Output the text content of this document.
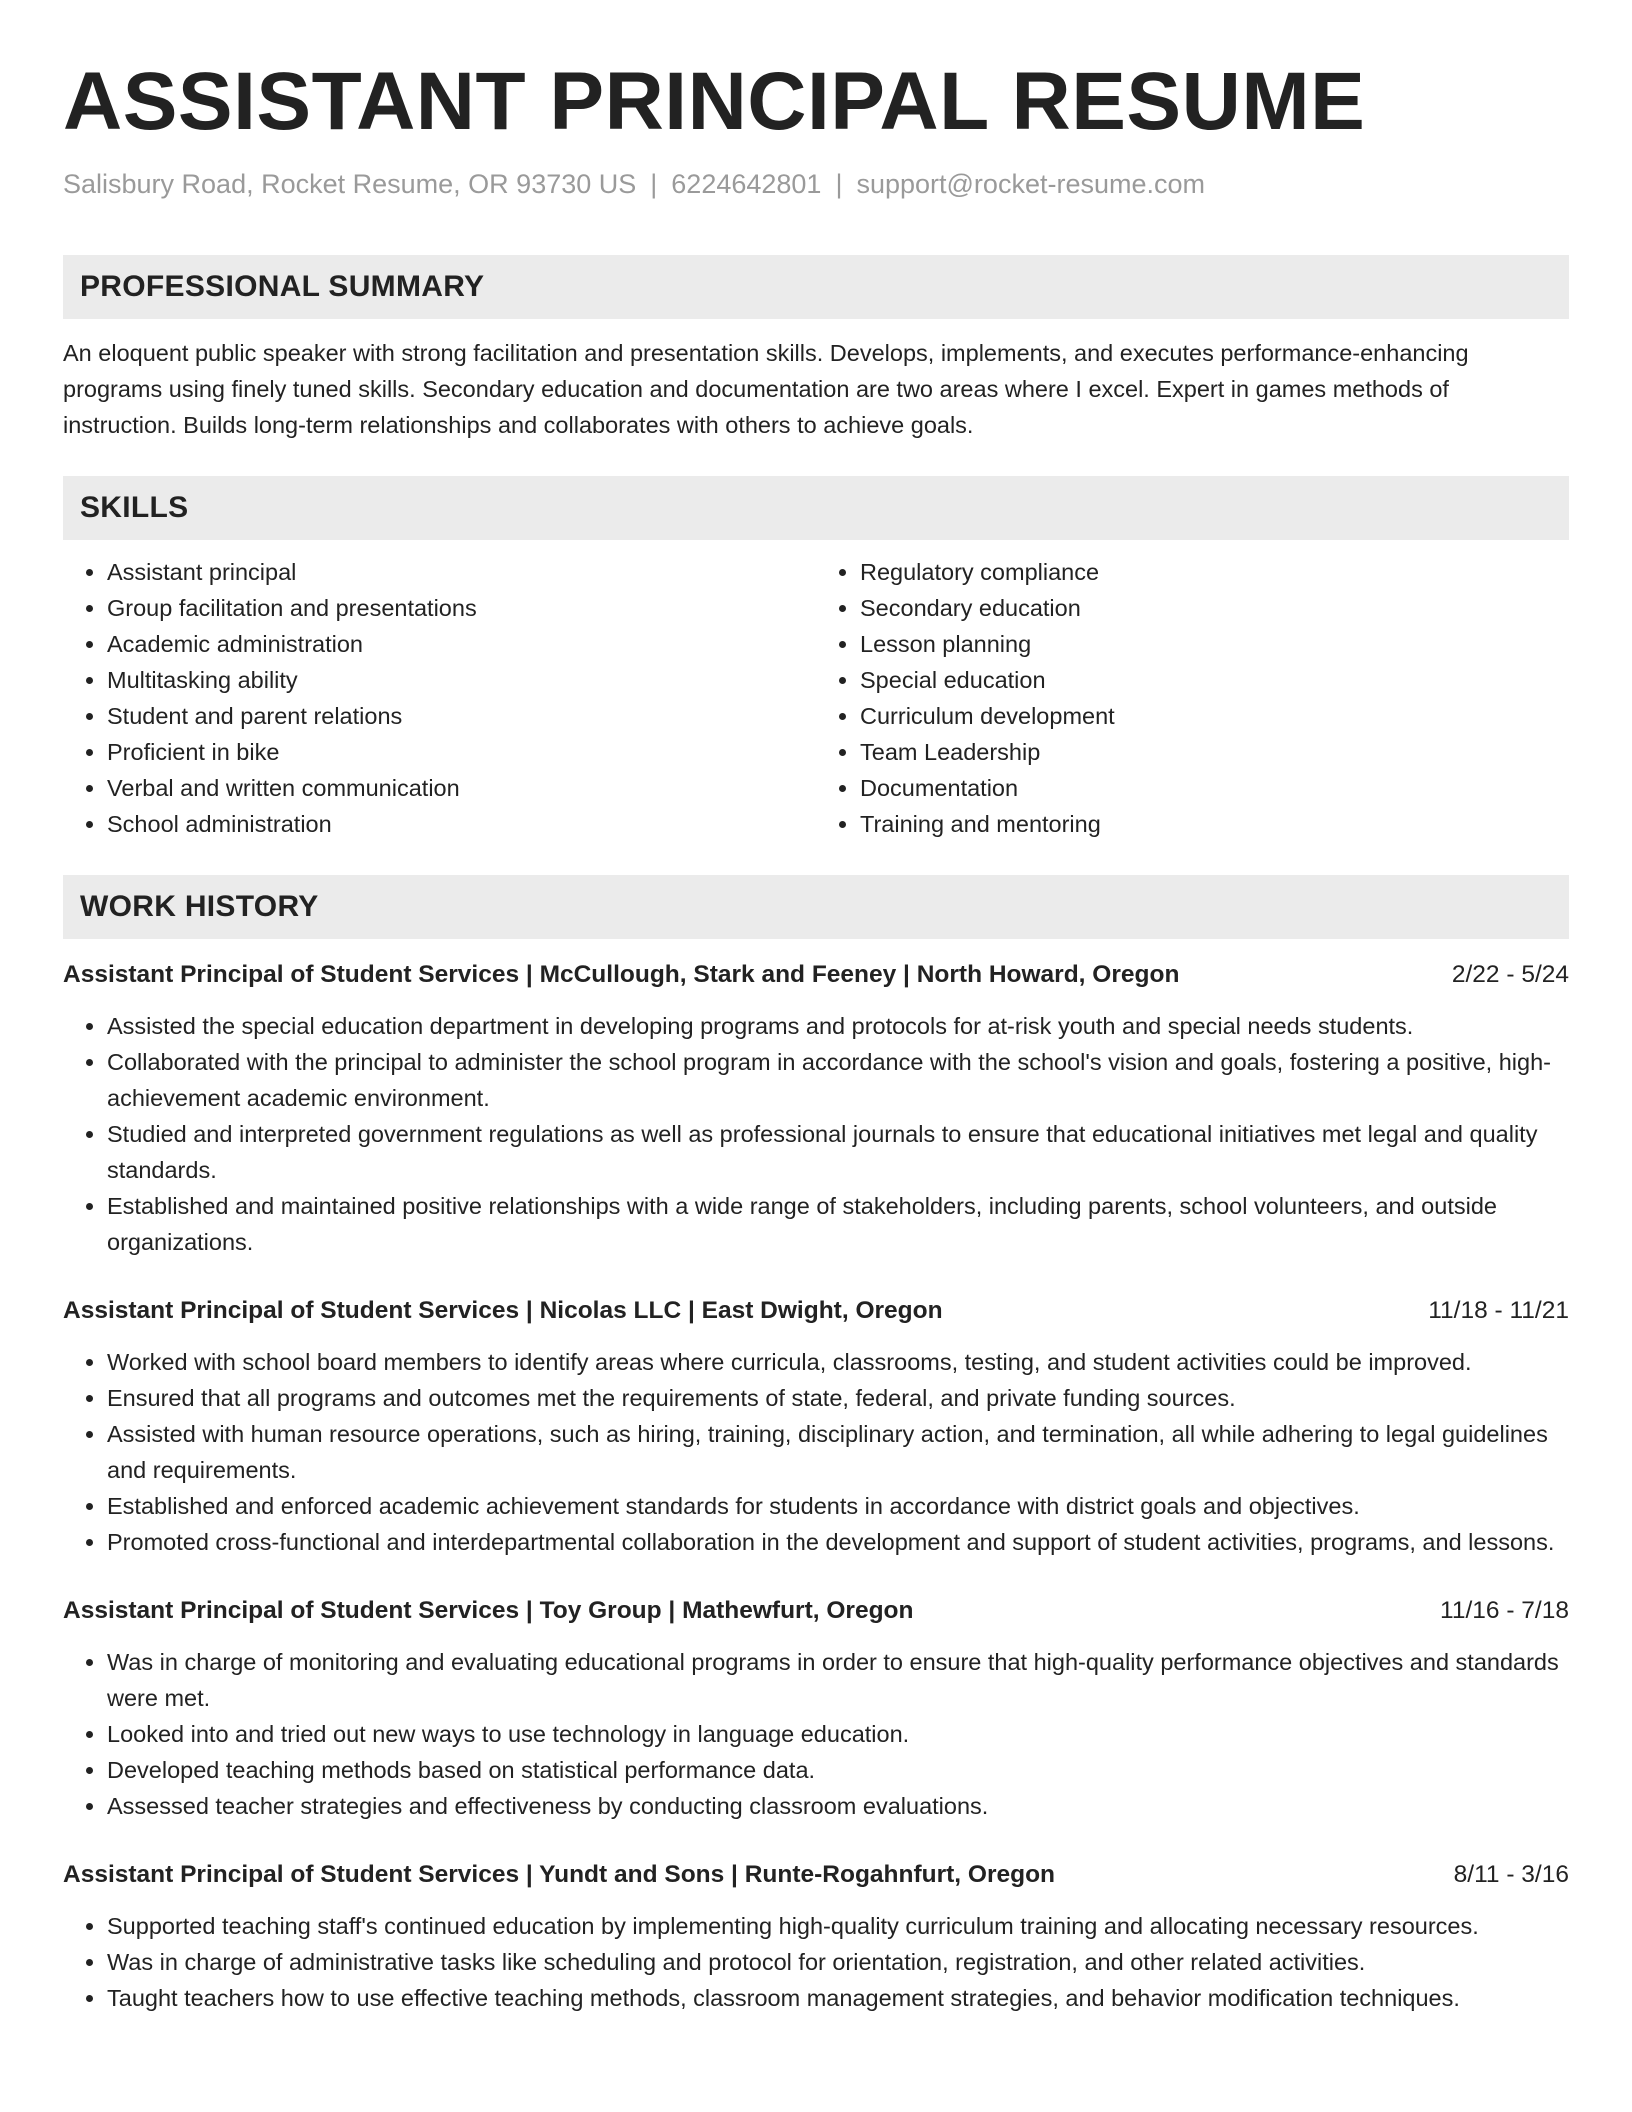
ASSISTANT PRINCIPAL RESUME
Salisbury Road, Rocket Resume, OR 93730 US | 6224642801 | support@rocket-resume.com
PROFESSIONAL SUMMARY
An eloquent public speaker with strong facilitation and presentation skills. Develops, implements, and executes performance-enhancing programs using finely tuned skills. Secondary education and documentation are two areas where I excel. Expert in games methods of instruction. Builds long-term relationships and collaborates with others to achieve goals.
SKILLS
• Assistant principal
• Group facilitation and presentations
• Academic administration
• Multitasking ability
• Student and parent relations
• Proficient in bike
• Verbal and written communication
• School administration
• Regulatory compliance
• Secondary education
• Lesson planning
• Special education
• Curriculum development
• Team Leadership
• Documentation
• Training and mentoring
WORK HISTORY
Assistant Principal of Student Services | McCullough, Stark and Feeney | North Howard, Oregon	2/22 - 5/24
• Assisted the special education department in developing programs and protocols for at-risk youth and special needs students.
• Collaborated with the principal to administer the school program in accordance with the school's vision and goals, fostering a positive, high-achievement academic environment.
• Studied and interpreted government regulations as well as professional journals to ensure that educational initiatives met legal and quality standards.
• Established and maintained positive relationships with a wide range of stakeholders, including parents, school volunteers, and outside organizations.
Assistant Principal of Student Services | Nicolas LLC | East Dwight, Oregon	11/18 - 11/21
• Worked with school board members to identify areas where curricula, classrooms, testing, and student activities could be improved.
• Ensured that all programs and outcomes met the requirements of state, federal, and private funding sources.
• Assisted with human resource operations, such as hiring, training, disciplinary action, and termination, all while adhering to legal guidelines and requirements.
• Established and enforced academic achievement standards for students in accordance with district goals and objectives.
• Promoted cross-functional and interdepartmental collaboration in the development and support of student activities, programs, and lessons.
Assistant Principal of Student Services | Toy Group | Mathewfurt, Oregon	11/16 - 7/18
• Was in charge of monitoring and evaluating educational programs in order to ensure that high-quality performance objectives and standards were met.
• Looked into and tried out new ways to use technology in language education.
• Developed teaching methods based on statistical performance data.
• Assessed teacher strategies and effectiveness by conducting classroom evaluations.
Assistant Principal of Student Services | Yundt and Sons | Runte-Rogahnfurt, Oregon	8/11 - 3/16
• Supported teaching staff's continued education by implementing high-quality curriculum training and allocating necessary resources.
• Was in charge of administrative tasks like scheduling and protocol for orientation, registration, and other related activities.
• Taught teachers how to use effective teaching methods, classroom management strategies, and behavior modification techniques.
